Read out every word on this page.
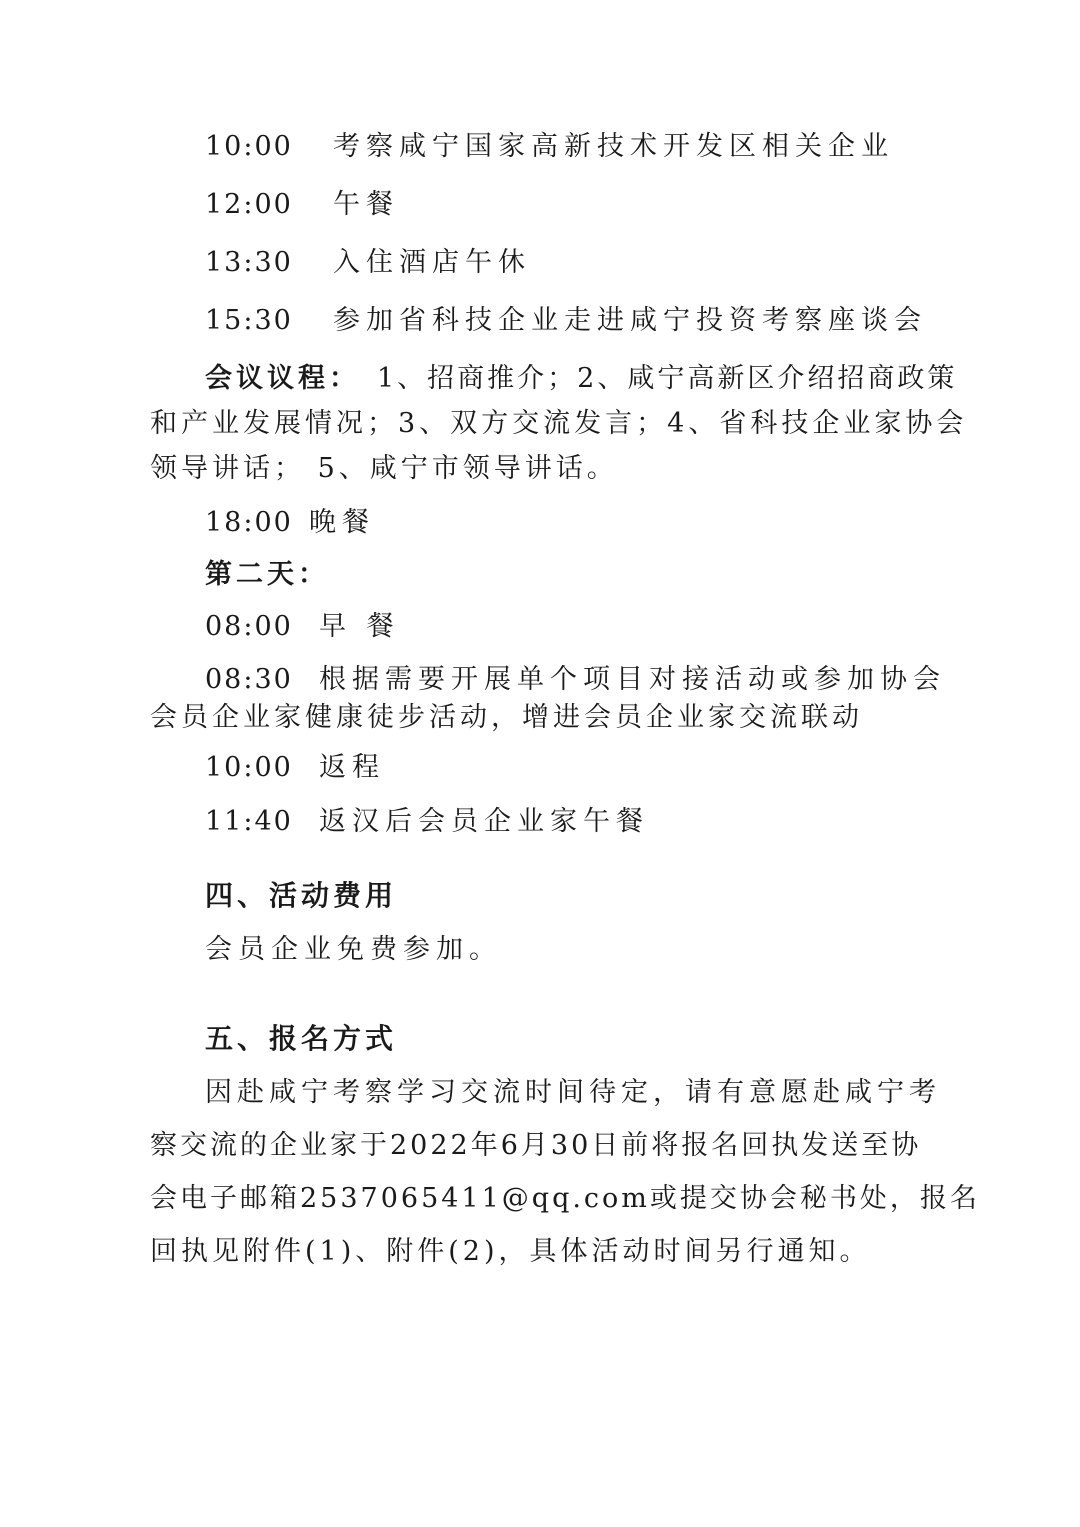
10:00 考察咸宁国家高新技术开发区相关企业
12:00 午餐
13:30 入住酒店午休
15:30 参加省科技企业走进咸宁投资考察座谈会
会议议程： 1、招商推介；2、咸宁高新区介绍招商政策
和产业发展情况；3、双方交流发言；4、省科技企业家协会
领导讲话； 5、咸宁市领导讲话。
18:00 晚餐
第二天：
08:00 早 餐
08:30 根据需要开展单个项目对接活动或参加协会
会员企业家健康徒步活动，增进会员企业家交流联动
10:00 返程
11:40 返汉后会员企业家午餐
四、活动费用
会员企业免费参加。
五、报名方式
因赴咸宁考察学习交流时间待定，请有意愿赴咸宁考
察交流的企业家于2022年6月30日前将报名回执发送至协
会电子邮箱2537065411@qq.com或提交协会秘书处，报名
回执见附件(1)、附件(2)，具体活动时间另行通知。
